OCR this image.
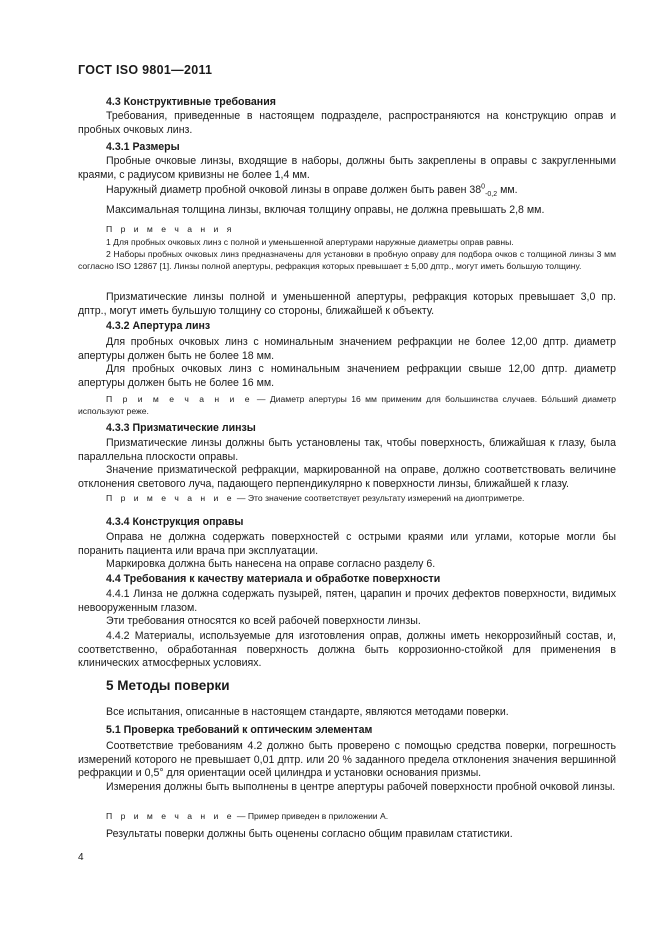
ГОСТ ISO 9801—2011

4.3 Конструктивные требования

Требования, приведенные в настоящем подразделе, распространяются на конструкцию оправ и пробных очковых линз.

4.3.1 Размеры

Пробные очковые линзы, входящие в наборы, должны быть закреплены в оправы с закругленными краями, с радиусом кривизны не более 1,4 мм.

Наружный диаметр пробной очковой линзы в оправе должен быть равен $38^0_{-0,2}$ мм.

Максимальная толщина линзы, включая толщину оправы, не должна превышать 2,8 мм.

П р и м е ч а н и я

1 Для пробных очковых линз с полной и уменьшенной апертурами наружные диаметры оправ равны.

2 Наборы пробных очковых линз предназначены для установки в пробную оправу для подбора очков с толщиной линзы 3 мм согласно ISO 12867 [1]. Линзы полной апертуры, рефракция которых превышает ± 5,00 дптр., могут иметь большую толщину.

Призматические линзы полной и уменьшенной апертуры, рефракция которых превышает 3,0 пр. дптр., могут иметь бульшую толщину со стороны, ближайшей к объекту.

4.3.2 Апертура линз

Для пробных очковых линз с номинальным значением рефракции не более 12,00 дптр. диаметр апертуры должен быть не более 18 мм.

Для пробных очковых линз с номинальным значением рефракции свыше 12,00 дптр. диаметр апертуры должен быть не более 16 мм.

П р и м е ч а н и е — Диаметр апертуры 16 мм применим для большинства случаев. Бо́льший диаметр используют реже.

4.3.3 Призматические линзы

Призматические линзы должны быть установлены так, чтобы поверхность, ближайшая к глазу, была параллельна плоскости оправы.

Значение призматической рефракции, маркированной на оправе, должно соответствовать величине отклонения светового луча, падающего перпендикулярно к поверхности линзы, ближайшей к глазу.

П р и м е ч а н и е — Это значение соответствует результату измерений на диоптриметре.

4.3.4 Конструкция оправы

Оправа не должна содержать поверхностей с острыми краями или углами, которые могли бы поранить пациента или врача при эксплуатации.

Маркировка должна быть нанесена на оправе согласно разделу 6.

4.4 Требования к качеству материала и обработке поверхности

4.4.1 Линза не должна содержать пузырей, пятен, царапин и прочих дефектов поверхности, видимых невооруженным глазом.

Эти требования относятся ко всей рабочей поверхности линзы.

4.4.2 Материалы, используемые для изготовления оправ, должны иметь некоррозийный состав, и, соответственно, обработанная поверхность должна быть коррозионно-стойкой для применения в клинических атмосферных условиях.

5 Методы поверки

Все испытания, описанные в настоящем стандарте, являются методами поверки.

5.1 Проверка требований к оптическим элементам

Соответствие требованиям 4.2 должно быть проверено с помощью средства поверки, погрешность измерений которого не превышает 0,01 дптр. или 20 % заданного предела отклонения значения вершинной рефракции и 0,5° для ориентации осей цилиндра и установки основания призмы.

Измерения должны быть выполнены в центре апертуры рабочей поверхности пробной очковой линзы.

П р и м е ч а н и е — Пример приведен в приложении А.

Результаты поверки должны быть оценены согласно общим правилам статистики.

4
